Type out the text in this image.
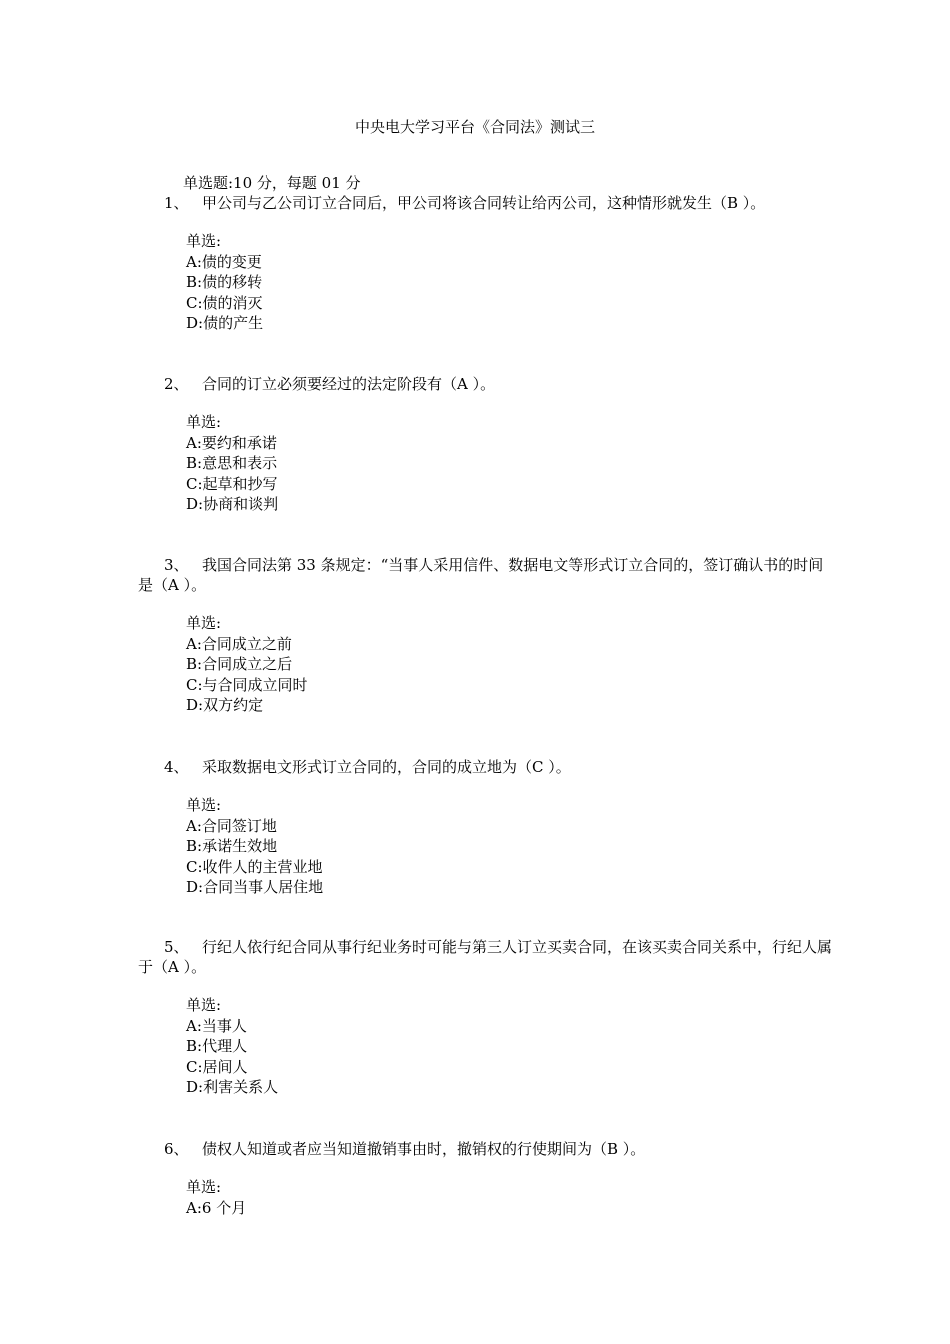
中央电大学习平台《合同法》测试三
单选题:10 分，每题 01 分
1、 甲公司与乙公司订立合同后，甲公司将该合同转让给丙公司，这种情形就发生（B ）。
单选:
A:债的变更
B:债的移转
C:债的消灭
D:债的产生
2、 合同的订立必须要经过的法定阶段有（A ）。
单选:
A:要约和承诺
B:意思和表示
C:起草和抄写
D:协商和谈判
3、 我国合同法第 33 条规定：“当事人采用信件、数据电文等形式订立合同的，签订确认书的时间是（A ）。
单选:
A:合同成立之前
B:合同成立之后
C:与合同成立同时
D:双方约定
4、 采取数据电文形式订立合同的，合同的成立地为（C ）。
单选:
A:合同签订地
B:承诺生效地
C:收件人的主营业地
D:合同当事人居住地
5、 行纪人依行纪合同从事行纪业务时可能与第三人订立买卖合同，在该买卖合同关系中，行纪人属于（A ）。
单选:
A:当事人
B:代理人
C:居间人
D:利害关系人
6、 债权人知道或者应当知道撤销事由时，撤销权的行使期间为（B ）。
单选:
A:6 个月
